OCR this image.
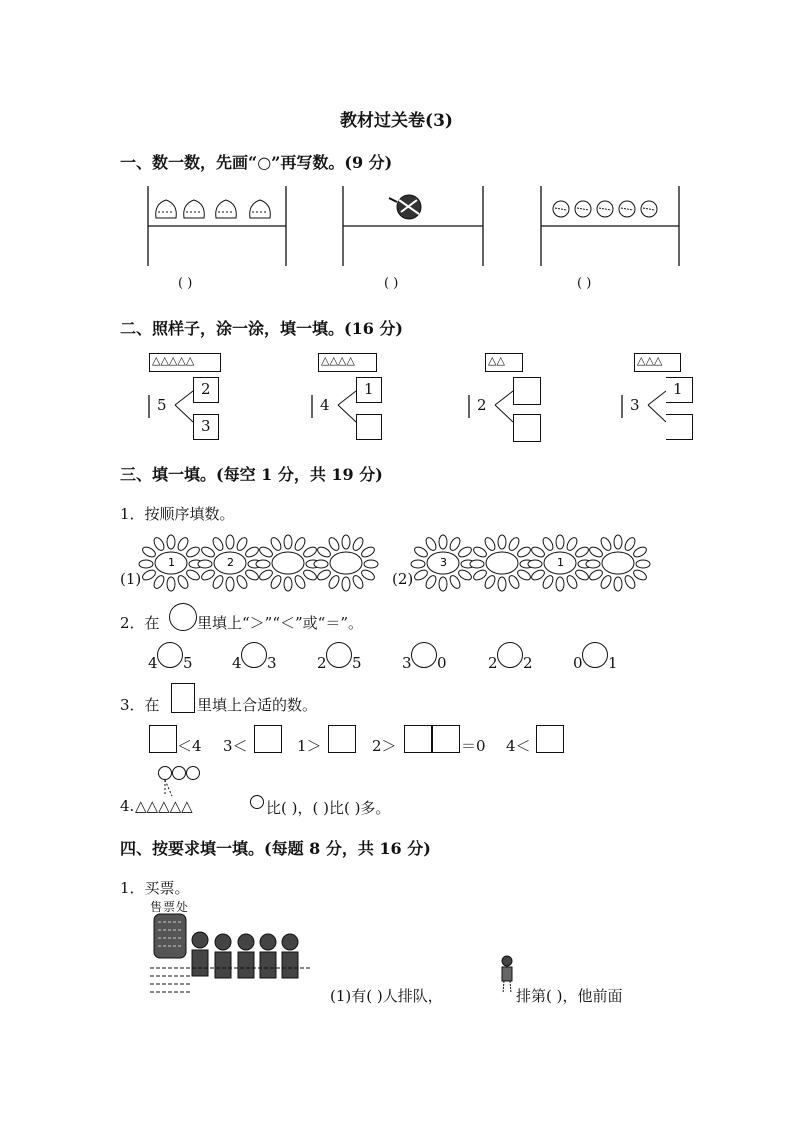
教材过关卷(3)
一、数一数，先画“○”再写数。(9 分)
( )	( )	( )
二、照样子，涂一涂，填一填。(16 分)
△△△△△
5
2
3
△△△△
4
1
△△
2
△△△
3
1
三、填一填。(每空 1 分，共 19 分)
1．按顺序填数。
(1)	(2)
1	2	3	1
2．在 里填上“＞”“＜”或“＝”。
4 5	4 3	2 5	3 0	2 2	0 1
3．在 里填上合适的数。
＜4 3＜	1＞	2＞	＝0 4＜
4. △△△△△	比( )，( )比( )多。
四、按要求填一填。(每题 8 分，共 16 分)
1．买票。
售票处
(1)有( )人排队，	排第( )，他前面
